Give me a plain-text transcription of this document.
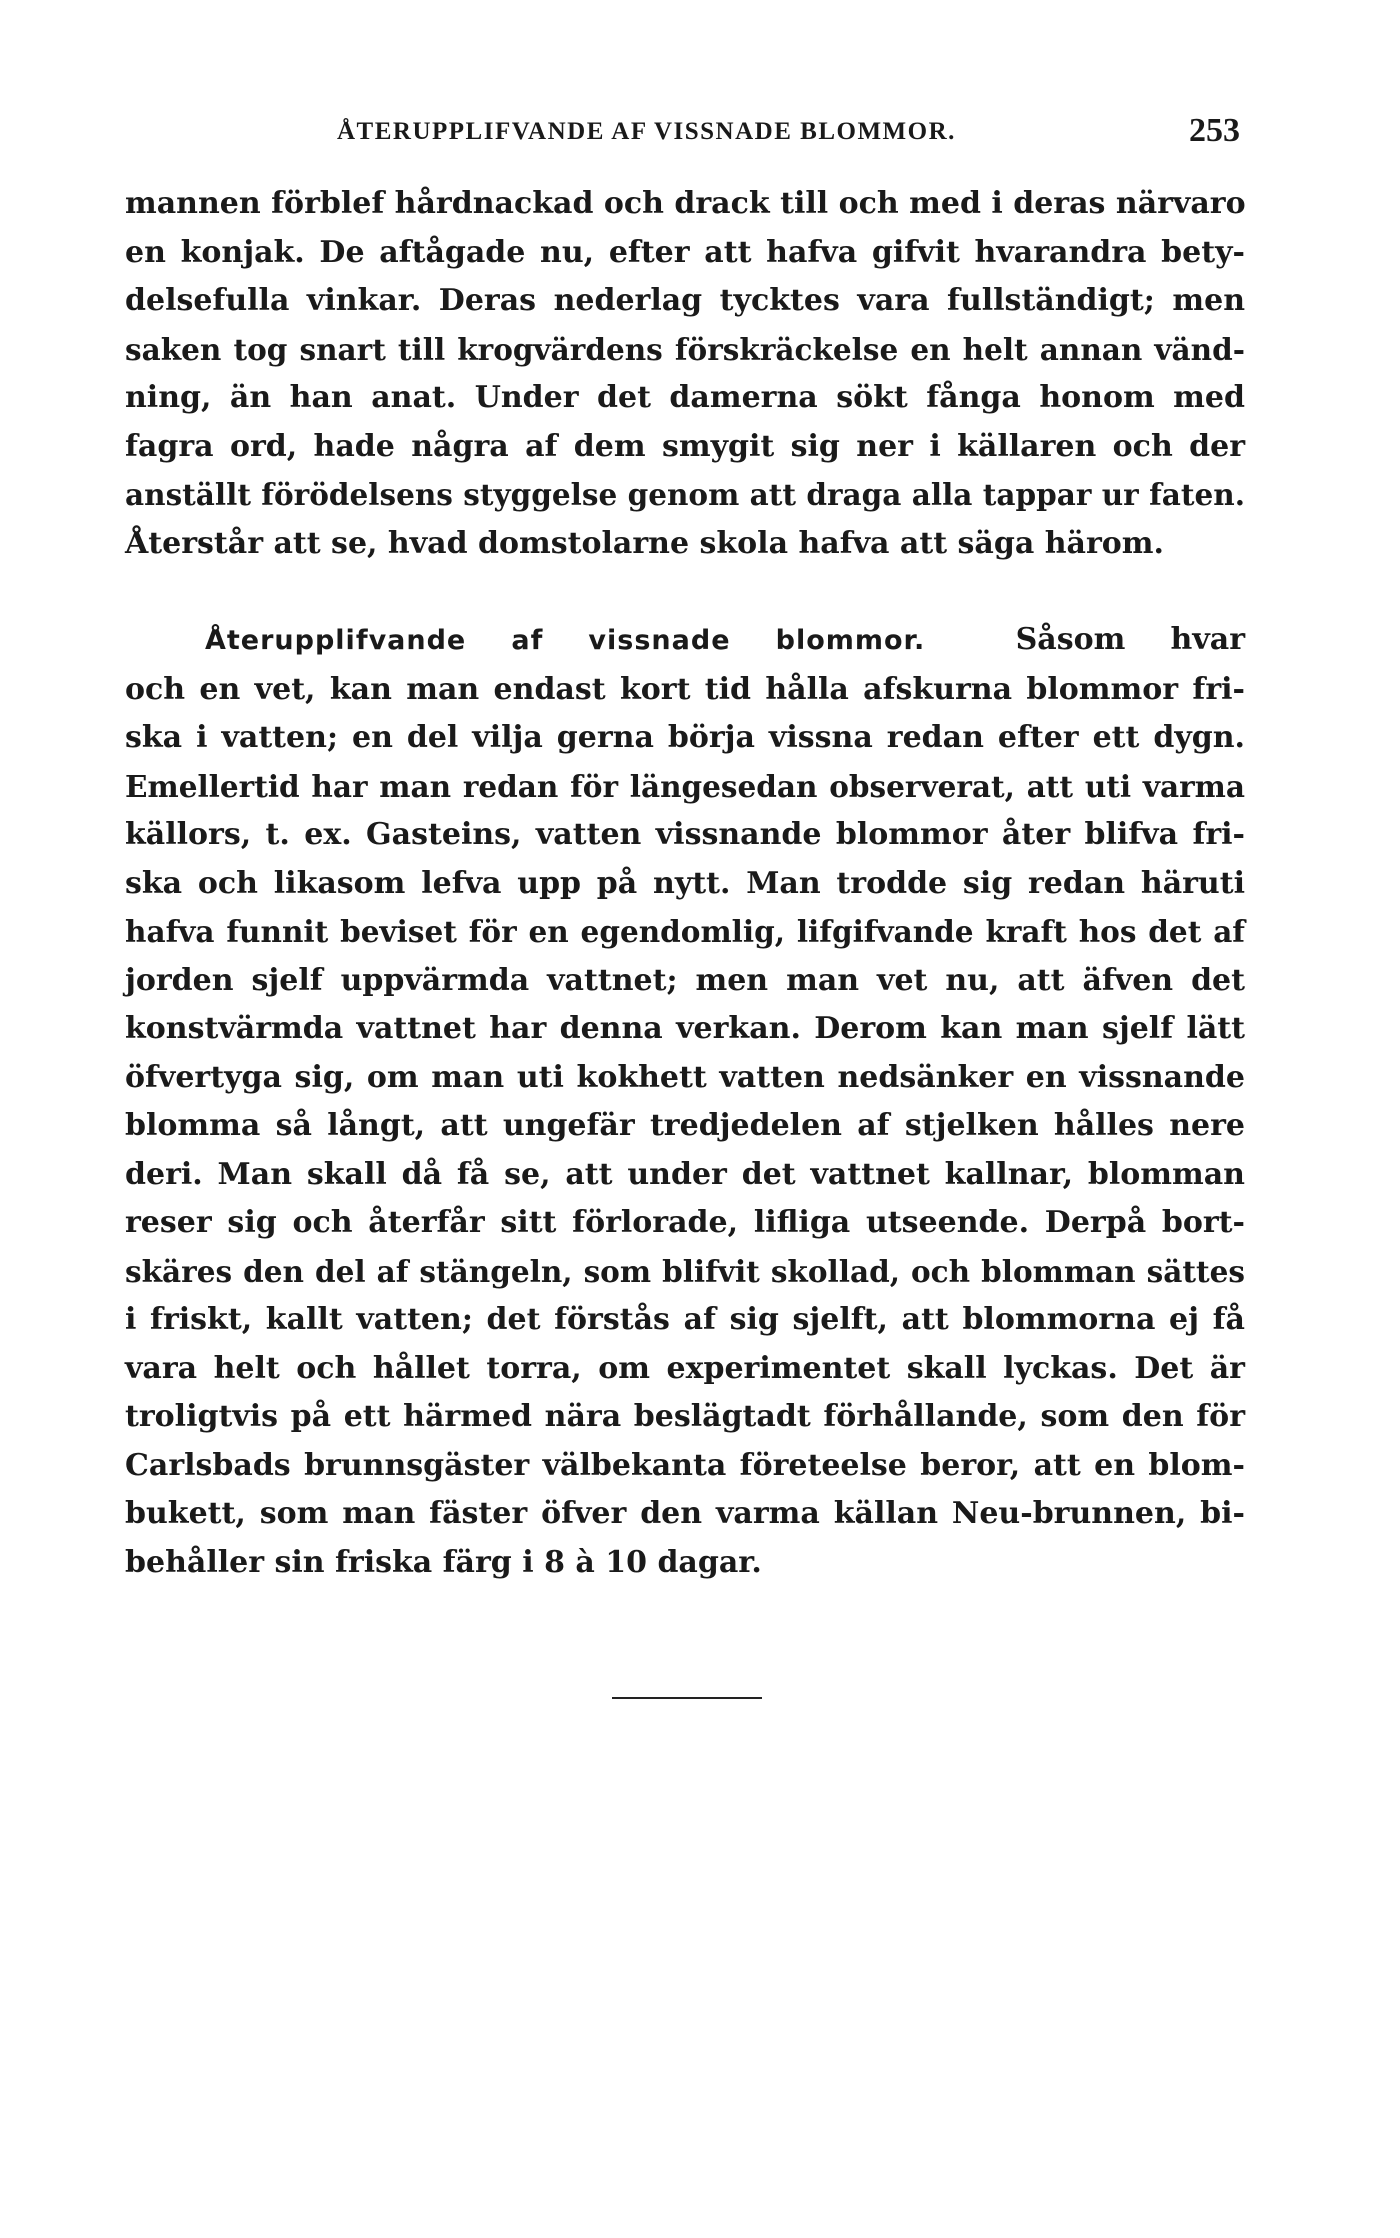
ÅTERUPPLIFVANDE AF VISSNADE BLOMMOR.	253
mannen förblef hårdnackad och drack till och med i deras närvaro
en konjak. De aftågade nu, efter att hafva gifvit hvarandra bety-
delsefulla vinkar. Deras nederlag tycktes vara fullständigt; men
saken tog snart till krogvärdens förskräckelse en helt annan vänd-
ning, än han anat. Under det damerna sökt fånga honom med
fagra ord, hade några af dem smygit sig ner i källaren och der
anställt förödelsens styggelse genom att draga alla tappar ur faten.
Återstår att se, hvad domstolarne skola hafva att säga härom.
Återupplifvande af vissnade blommor.	Såsom hvar
och en vet, kan man endast kort tid hålla afskurna blommor fri-
ska i vatten; en del vilja gerna börja vissna redan efter ett dygn.
Emellertid har man redan för längesedan observerat, att uti varma
källors, t. ex. Gasteins, vatten vissnande blommor åter blifva fri-
ska och likasom lefva upp på nytt. Man trodde sig redan häruti
hafva funnit beviset för en egendomlig, lifgifvande kraft hos det af
jorden sjelf uppvärmda vattnet; men man vet nu, att äfven det
konstvärmda vattnet har denna verkan. Derom kan man sjelf lätt
öfvertyga sig, om man uti kokhett vatten nedsänker en vissnande
blomma så långt, att ungefär tredjedelen af stjelken hålles nere
deri. Man skall då få se, att under det vattnet kallnar, blomman
reser sig och återfår sitt förlorade, lifliga utseende. Derpå bort-
skäres den del af stängeln, som blifvit skollad, och blomman sättes
i friskt, kallt vatten; det förstås af sig sjelft, att blommorna ej få
vara helt och hållet torra, om experimentet skall lyckas. Det är
troligtvis på ett härmed nära beslägtadt förhållande, som den för
Carlsbads brunnsgäster välbekanta företeelse beror, att en blom-
bukett, som man fäster öfver den varma källan Neu-brunnen, bi-
behåller sin friska färg i 8 à 10 dagar.
